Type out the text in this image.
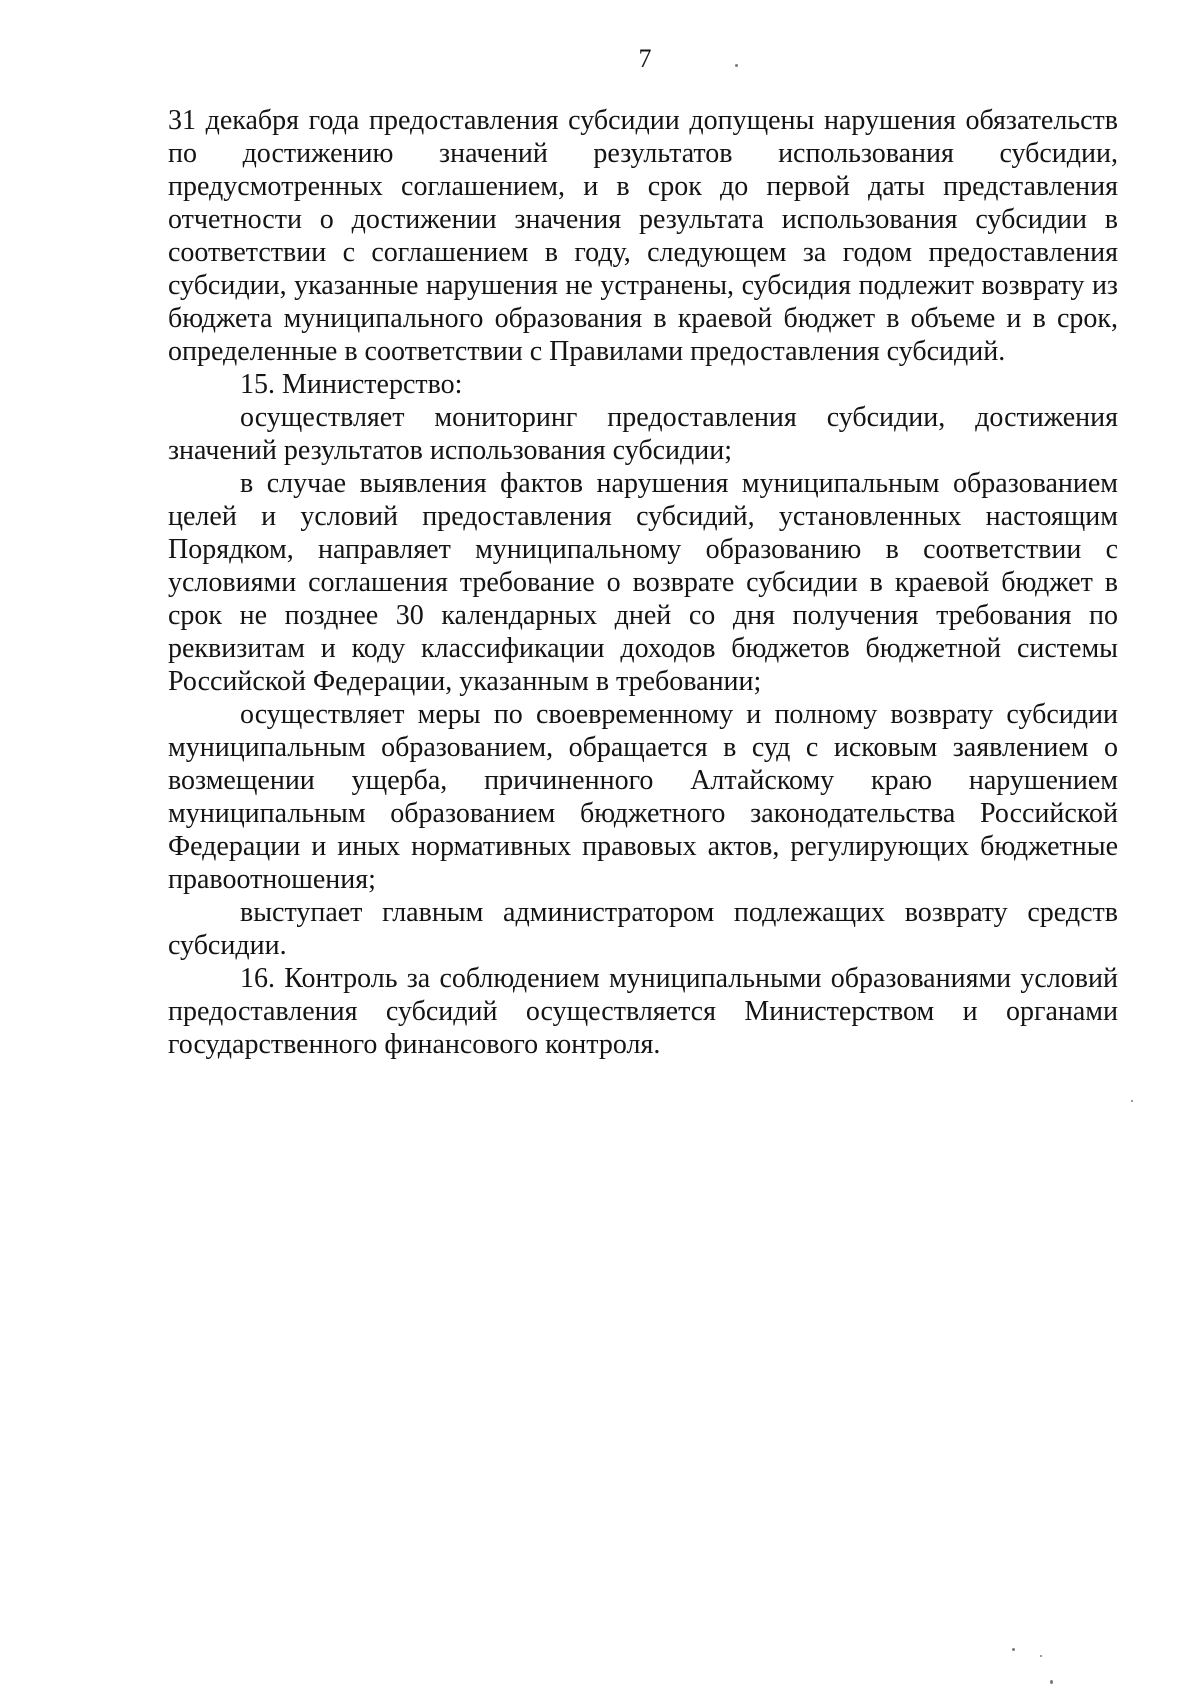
7

31 декабря года предоставления субсидии допущены нарушения обязательств по достижению значений результатов использования субсидии, предусмотренных соглашением, и в срок до первой даты представления отчетности о достижении значения результата использования субсидии в соответствии с соглашением в году, следующем за годом предоставления субсидии, указанные нарушения не устранены, субсидия подлежит возврату из бюджета муниципального образования в краевой бюджет в объеме и в срок, определенные в соответствии с Правилами предоставления субсидий.

15. Министерство:

осуществляет мониторинг предоставления субсидии, достижения значений результатов использования субсидии;

в случае выявления фактов нарушения муниципальным образованием целей и условий предоставления субсидий, установленных настоящим Порядком, направляет муниципальному образованию в соответствии с условиями соглашения требование о возврате субсидии в краевой бюджет в срок не позднее 30 календарных дней со дня получения требования по реквизитам и коду классификации доходов бюджетов бюджетной системы Российской Федерации, указанным в требовании;

осуществляет меры по своевременному и полному возврату субсидии муниципальным образованием, обращается в суд с исковым заявлением о возмещении ущерба, причиненного Алтайскому краю нарушением муниципальным образованием бюджетного законодательства Российской Федерации и иных нормативных правовых актов, регулирующих бюджетные правоотношения;

выступает главным администратором подлежащих возврату средств субсидии.

16. Контроль за соблюдением муниципальными образованиями условий предоставления субсидий осуществляется Министерством и органами государственного финансового контроля.
